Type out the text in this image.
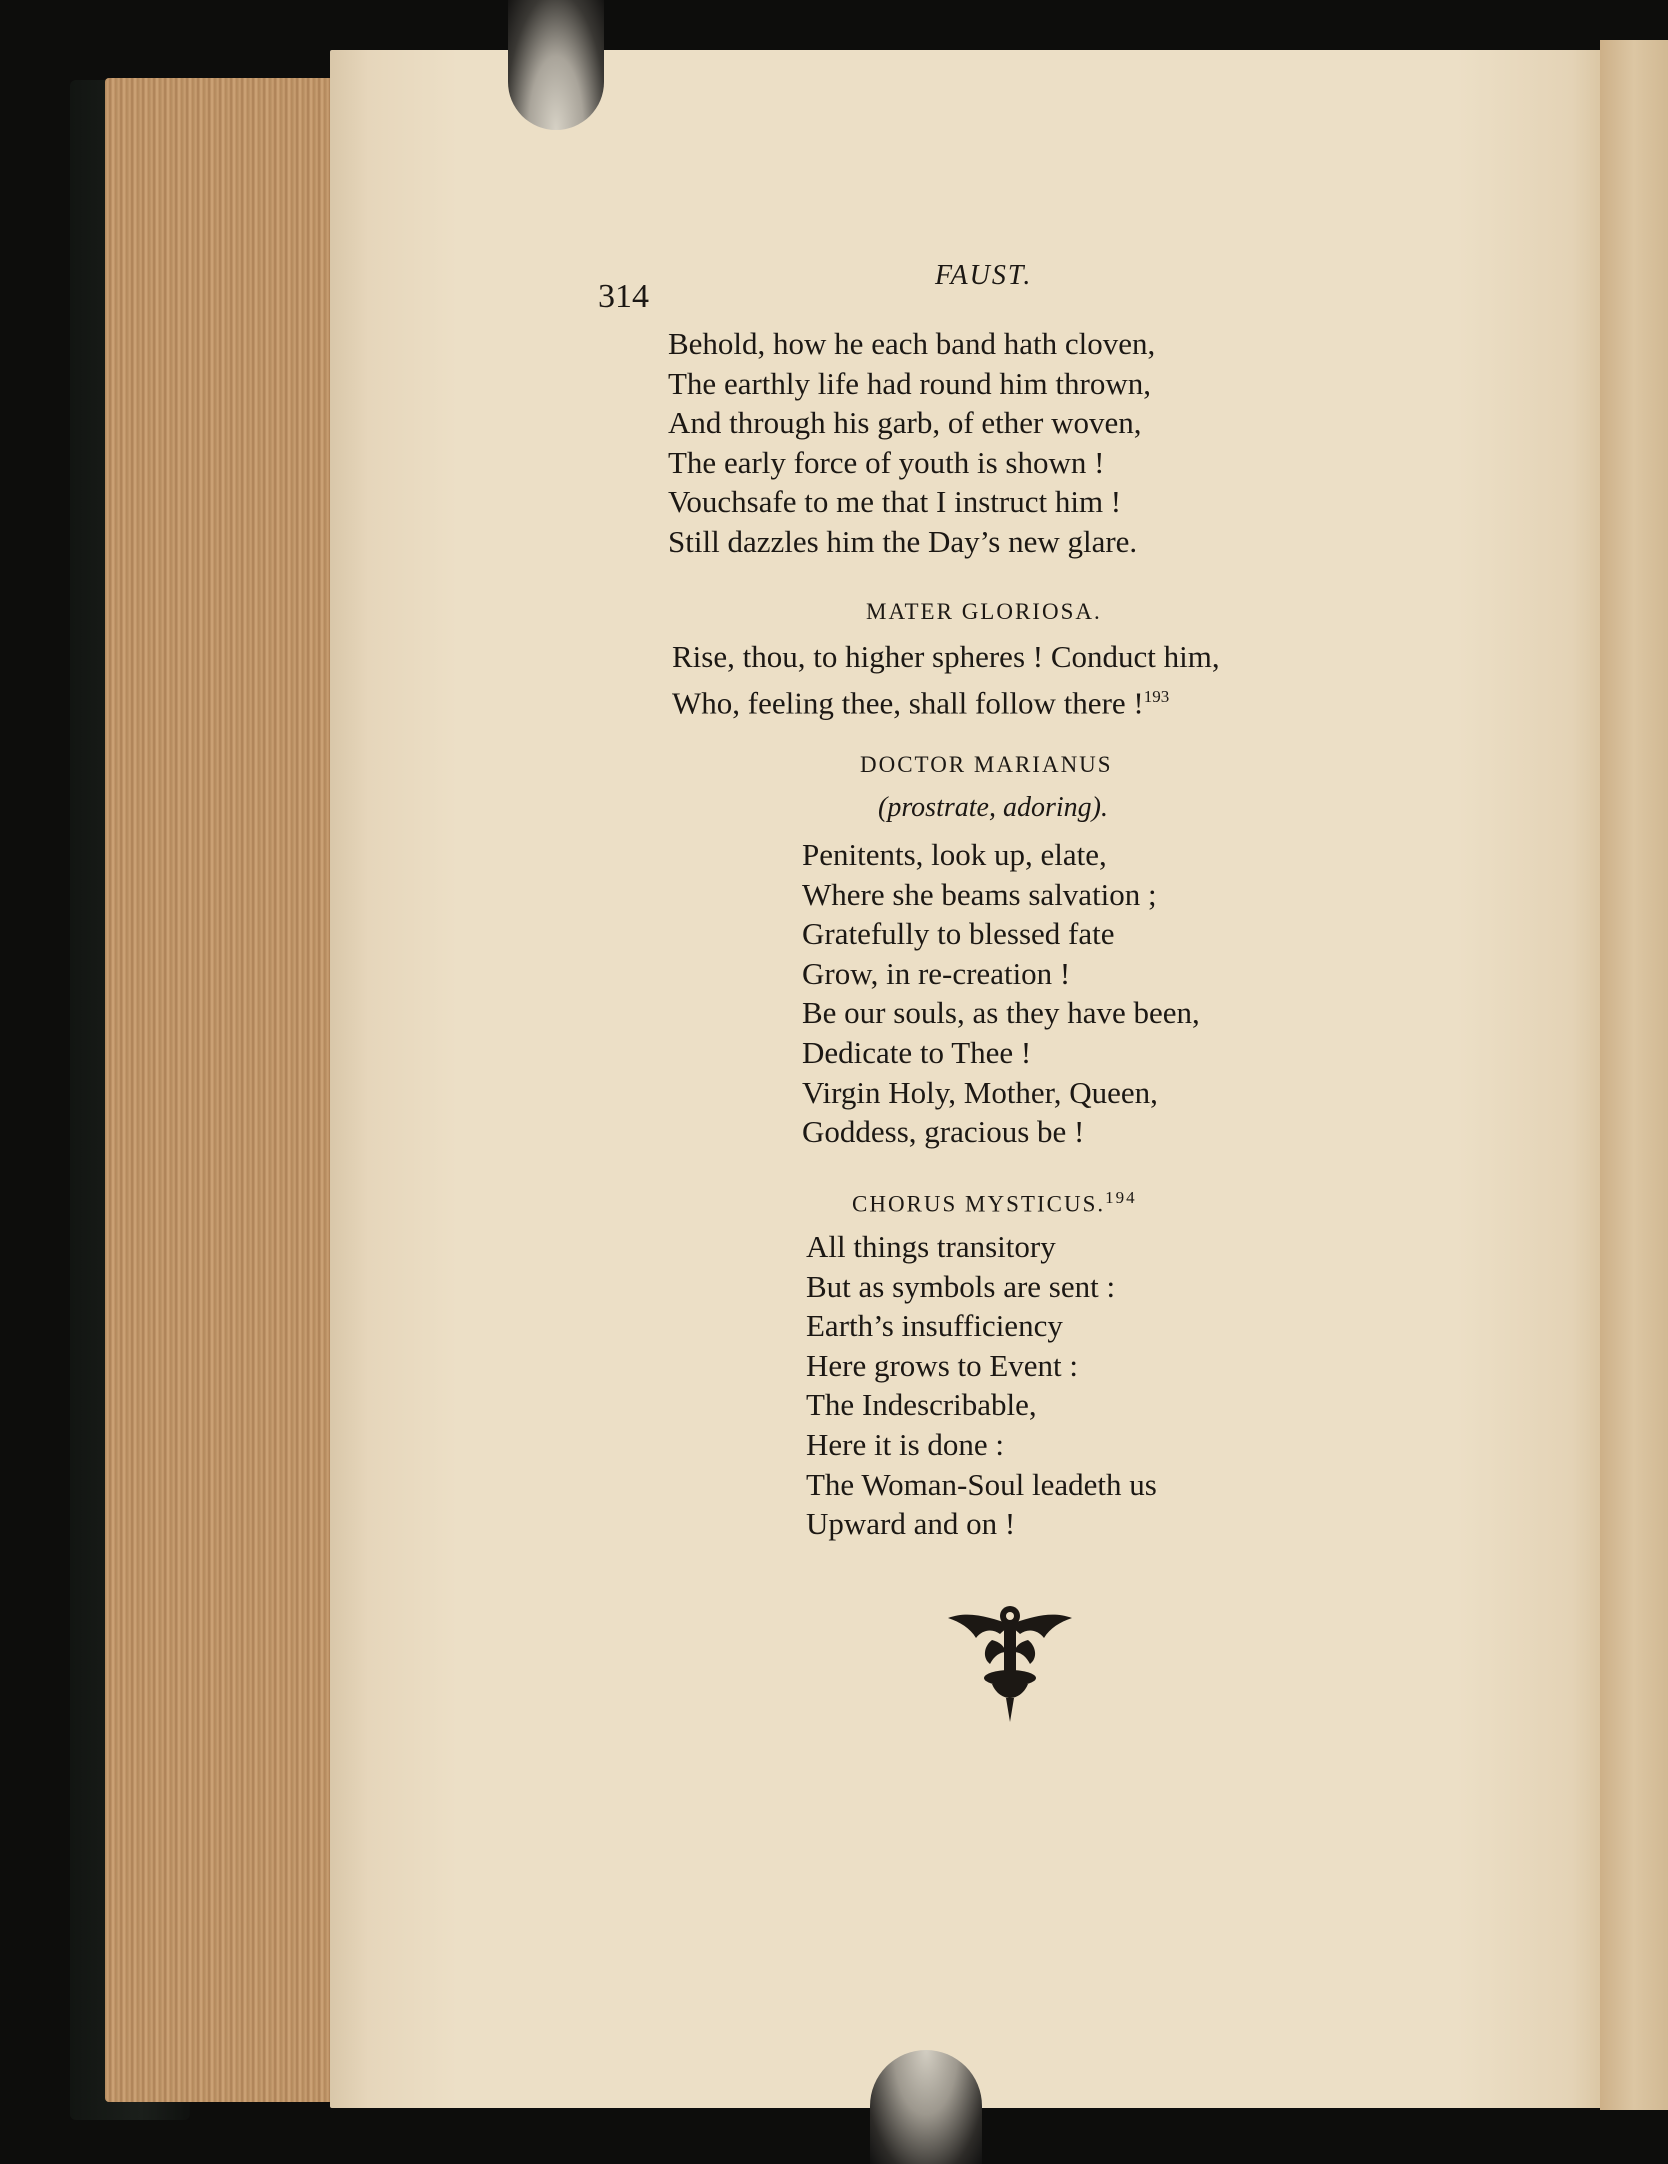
314
FAUST.
Behold, how he each band hath cloven,
The earthly life had round him thrown,
And through his garb, of ether woven,
The early force of youth is shown !
Vouchsafe to me that I instruct him !
Still dazzles him the Day’s new glare.
MATER GLORIOSA.
Rise, thou, to higher spheres ! Conduct him,
Who, feeling thee, shall follow there !$^{193}$
DOCTOR MARIANUS
(prostrate, adoring).
Penitents, look up, elate,
Where she beams salvation ;
Gratefully to blessed fate
Grow, in re-creation !
Be our souls, as they have been,
Dedicate to Thee !
Virgin Holy, Mother, Queen,
Goddess, gracious be !
CHORUS MYSTICUS.$^{194}$
All things transitory
But as symbols are sent :
Earth’s insufficiency
Here grows to Event :
The Indescribable,
Here it is done :
The Woman-Soul leadeth us
Upward and on !
